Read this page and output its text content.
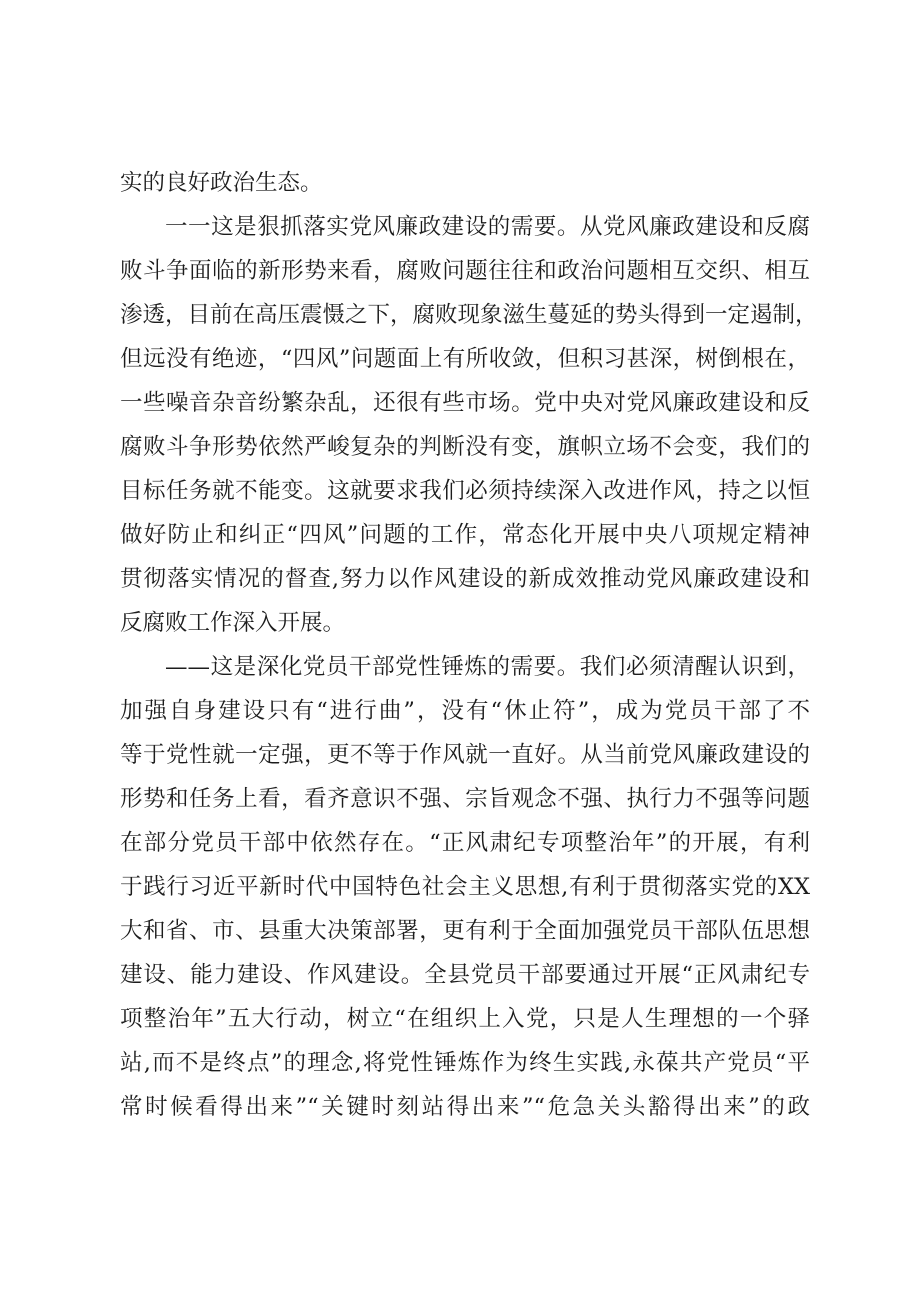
实的良好政治生态。
一一这是狠抓落实党风廉政建设的需要。从党风廉政建设和反腐
败斗争面临的新形势来看，腐败问题往往和政治问题相互交织、相互
渗透，目前在高压震慑之下，腐败现象滋生蔓延的势头得到一定遏制，
但远没有绝迹，“四风”问题面上有所收敛，但积习甚深，树倒根在，
一些噪音杂音纷繁杂乱，还很有些市场。党中央对党风廉政建设和反
腐败斗争形势依然严峻复杂的判断没有变，旗帜立场不会变，我们的
目标任务就不能变。这就要求我们必须持续深入改进作风，持之以恒
做好防止和纠正“四风”问题的工作，常态化开展中央八项规定精神
贯彻落实情况的督查,努力以作风建设的新成效推动党风廉政建设和
反腐败工作深入开展。
——这是深化党员干部党性锤炼的需要。我们必须清醒认识到，
加强自身建设只有“进行曲”，没有“休止符”，成为党员干部了不
等于党性就一定强，更不等于作风就一直好。从当前党风廉政建设的
形势和任务上看，看齐意识不强、宗旨观念不强、执行力不强等问题
在部分党员干部中依然存在。“正风肃纪专项整治年”的开展，有利
于践行习近平新时代中国特色社会主义思想,有利于贯彻落实党的XX
大和省、市、县重大决策部署，更有利于全面加强党员干部队伍思想
建设、能力建设、作风建设。全县党员干部要通过开展“正风肃纪专
项整治年”五大行动，树立“在组织上入党，只是人生理想的一个驿
站,而不是终点”的理念,将党性锤炼作为终生实践,永葆共产党员“平
常时候看得出来”“关键时刻站得出来”“危急关头豁得出来”的政
